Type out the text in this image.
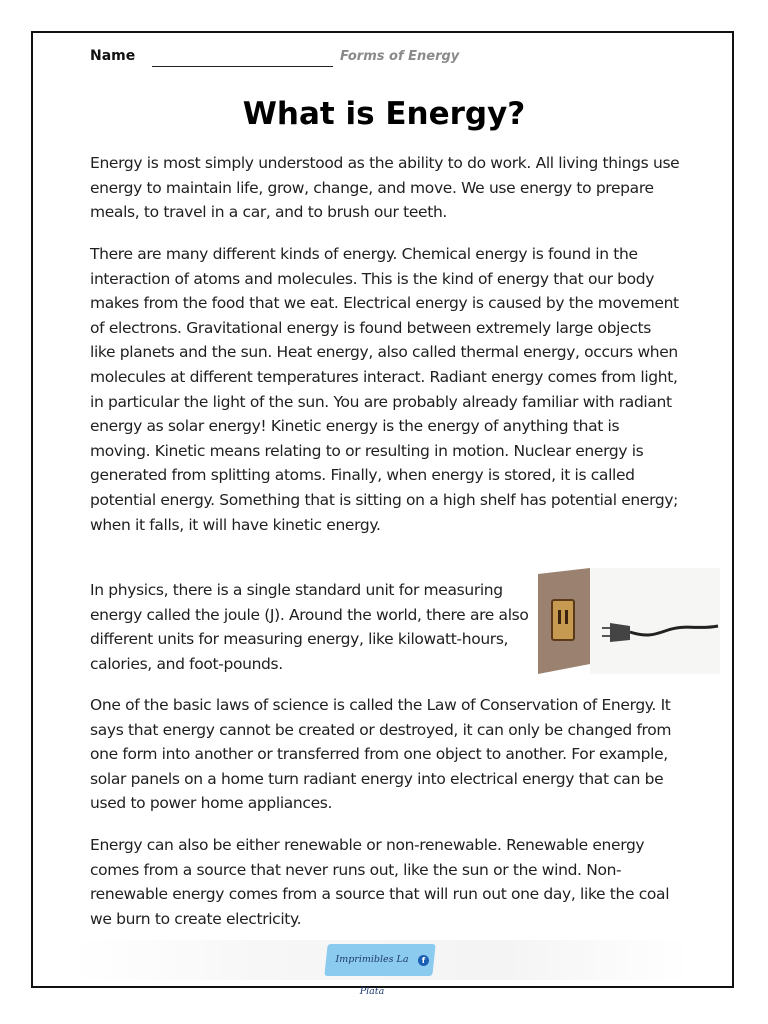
Name	Forms of Energy
What is Energy?

Energy is most simply understood as the ability to do work. All living things use energy to maintain life, grow, change, and move. We use energy to prepare meals, to travel in a car, and to brush our teeth.

There are many different kinds of energy. Chemical energy is found in the interaction of atoms and molecules. This is the kind of energy that our body makes from the food that we eat. Electrical energy is caused by the movement of electrons. Gravitational energy is found between extremely large objects like planets and the sun. Heat energy, also called thermal energy, occurs when molecules at different temperatures interact. Radiant energy comes from light, in particular the light of the sun. You are probably already familiar with radiant energy as solar energy! Kinetic energy is the energy of anything that is moving. Kinetic means relating to or resulting in motion. Nuclear energy is generated from splitting atoms. Finally, when energy is stored, it is called potential energy. Something that is sitting on a high shelf has potential energy; when it falls, it will have kinetic energy.

In physics, there is a single standard unit for measuring energy called the joule (J). Around the world, there are also different units for measuring energy, like kilowatt-hours, calories, and foot-pounds.

One of the basic laws of science is called the Law of Conservation of Energy. It says that energy cannot be created or destroyed, it can only be changed from one form into another or transferred from one object to another. For example, solar panels on a home turn radiant energy into electrical energy that can be used to power home appliances.

Energy can also be either renewable or non-renewable. Renewable energy comes from a source that never runs out, like the sun or the wind. Non-renewable energy comes from a source that will run out one day, like the coal we burn to create electricity.

Imprimibles La Plata
f
